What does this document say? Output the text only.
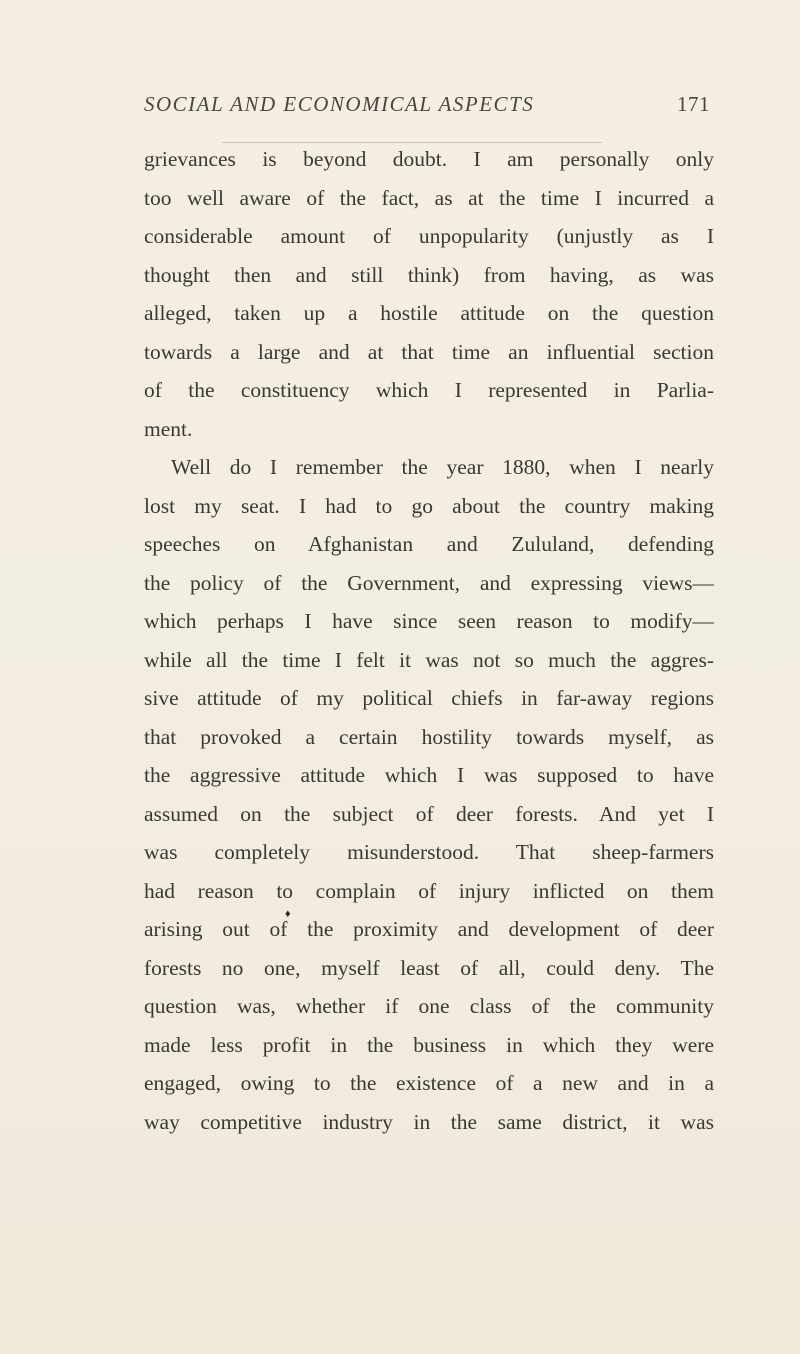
SOCIAL AND ECONOMICAL ASPECTS	171
grievances is beyond doubt. I am personally only
too well aware of the fact, as at the time I incurred a
considerable amount of unpopularity (unjustly as I
thought then and still think) from having, as was
alleged, taken up a hostile attitude on the question
towards a large and at that time an influential section
of the constituency which I represented in Parlia-
ment.
Well do I remember the year 1880, when I nearly
lost my seat. I had to go about the country making
speeches on Afghanistan and Zululand, defending
the policy of the Government, and expressing views—
which perhaps I have since seen reason to modify—
while all the time I felt it was not so much the aggres-
sive attitude of my political chiefs in far-away regions
that provoked a certain hostility towards myself, as
the aggressive attitude which I was supposed to have
assumed on the subject of deer forests. And yet I
was completely misunderstood. That sheep-farmers
had reason to complain of injury inflicted on them
arising out of the proximity and development of deer
forests no one, myself least of all, could deny. The
question was, whether if one class of the community
made less profit in the business in which they were
engaged, owing to the existence of a new and in a
way competitive industry in the same district, it was
♦
